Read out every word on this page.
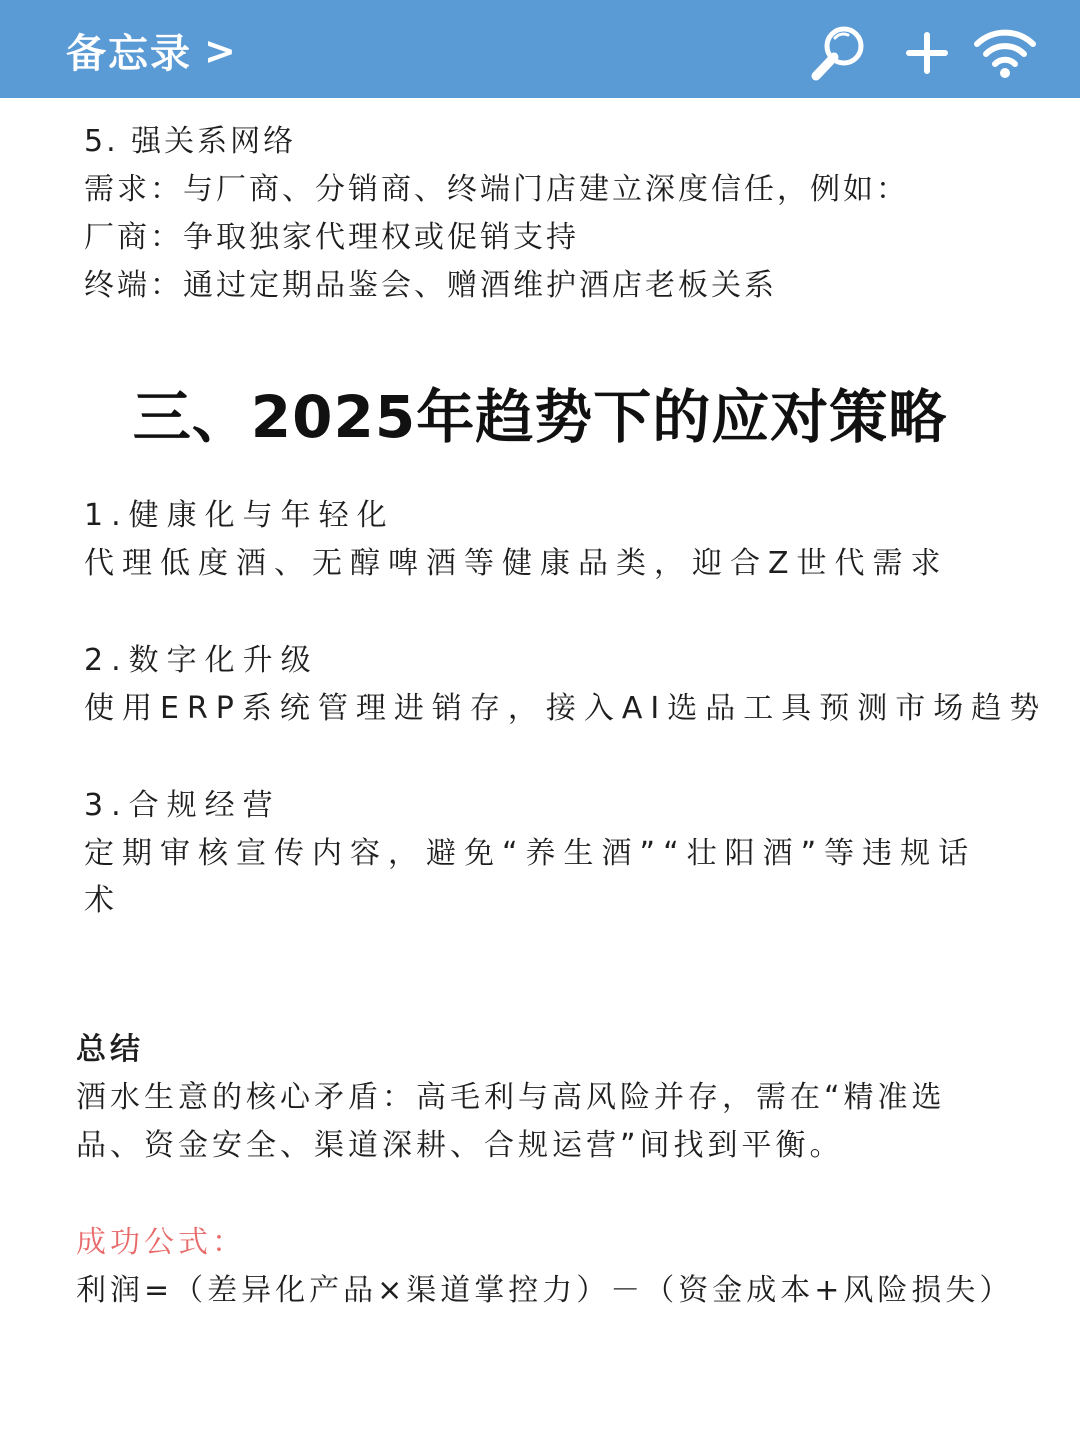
备忘录 >
5. 强关系网络
需求：与厂商、分销商、终端门店建立深度信任，例如：
厂商：争取独家代理权或促销支持
终端：通过定期品鉴会、赠酒维护酒店老板关系
三、2025年趋势下的应对策略
1.健康化与年轻化
代理低度酒、无醇啤酒等健康品类，迎合Z世代需求
2.数字化升级
使用ERP系统管理进销存，接入AI选品工具预测市场趋势
3.合规经营
定期审核宣传内容，避免“养生酒”“壮阳酒”等违规话
术
总结
酒水生意的核心矛盾：高毛利与高风险并存，需在“精准选
品、资金安全、渠道深耕、合规运营”间找到平衡。
成功公式：
利润=（差异化产品×渠道掌控力）－（资金成本+风险损失）
